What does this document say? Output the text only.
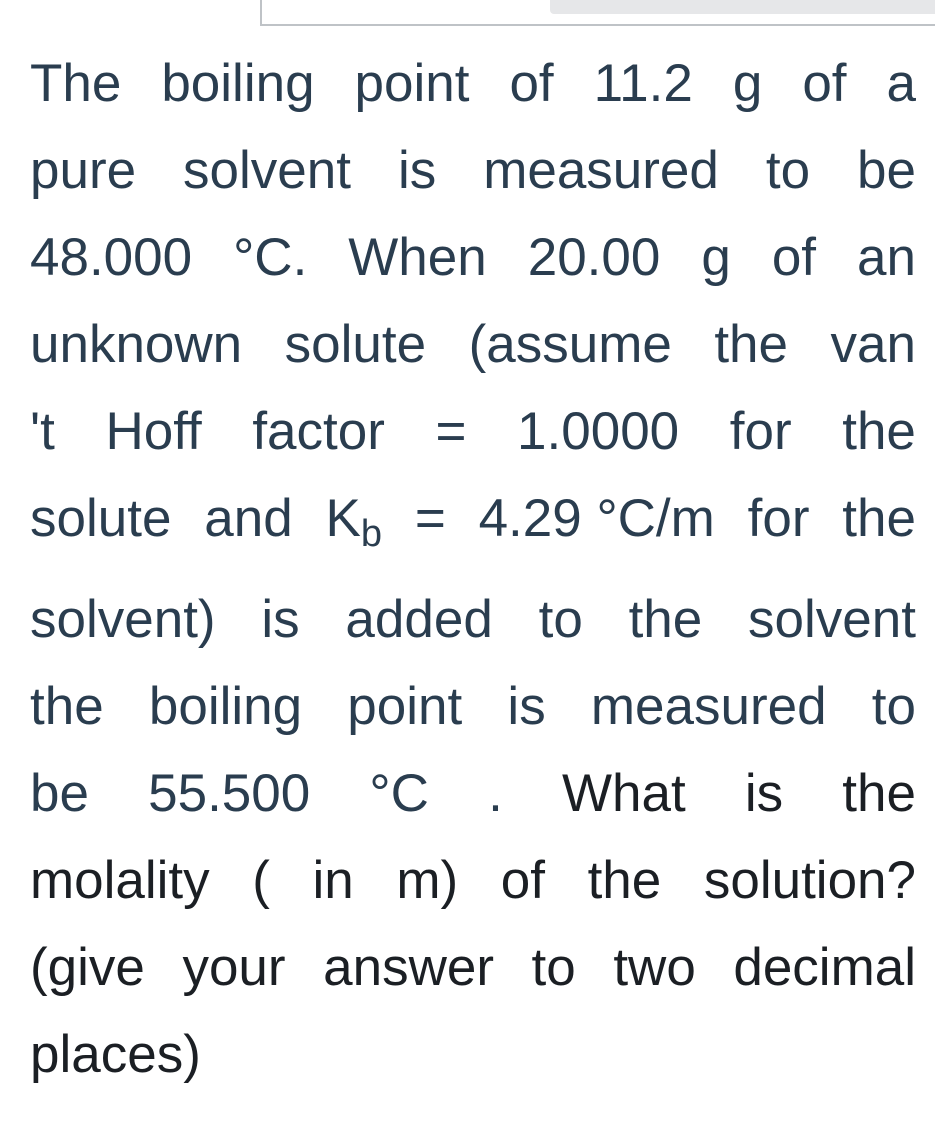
The boiling point of 11.2 g of a
pure solvent is measured to be
48.000 °C. When 20.00 g of an
unknown solute (assume the van
't Hoff factor = 1.0000 for the
solute and Kb = 4.29 °C/m for the
solvent) is added to the solvent
the boiling point is measured to
be 55.500 °C . What is the
molality ( in m) of the solution?
(give your answer to two decimal
places)
